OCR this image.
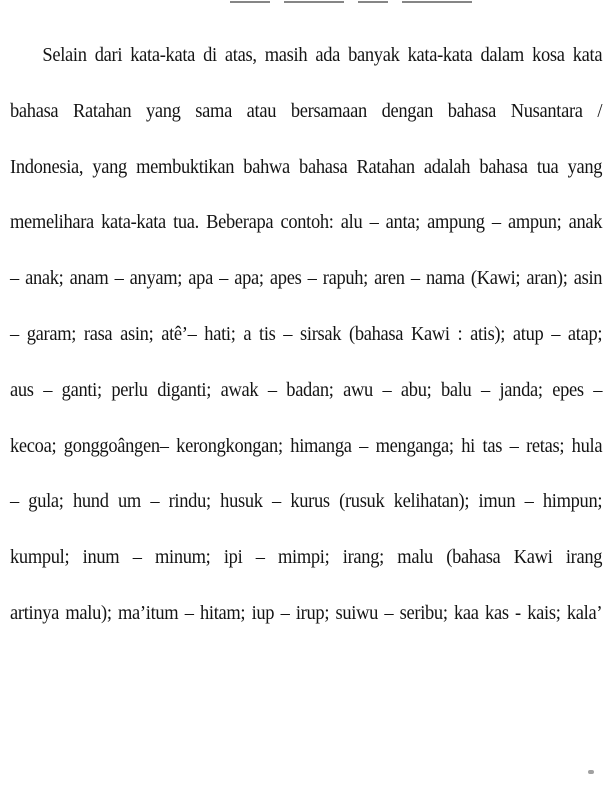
Selain dari kata-kata di atas, masih ada banyak kata-kata dalam kosa kata
bahasa Ratahan yang sama atau bersamaan dengan bahasa Nusantara /
Indonesia, yang membuktikan bahwa bahasa Ratahan adalah bahasa tua yang
memelihara kata-kata tua. Beberapa contoh: alu – anta; ampung – ampun; anak
– anak; anam – anyam; apa – apa; apes – rapuh; aren – nama (Kawi; aran); asin
– garam; rasa asin; atê’– hati; a tis – sirsak (bahasa Kawi : atis); atup – atap;
aus – ganti; perlu diganti; awak – badan; awu – abu; balu – janda; epes –
kecoa; gonggoângen– kerongkongan; himanga – menganga; hi tas – retas; hula
– gula; hund um – rindu; husuk – kurus (rusuk kelihatan); imun – himpun;
kumpul; inum – minum; ipi – mimpi; irang; malu (bahasa Kawi irang
artinya malu); ma’itum – hitam; iup – irup; suiwu – seribu; kaa kas - kais; kala’
